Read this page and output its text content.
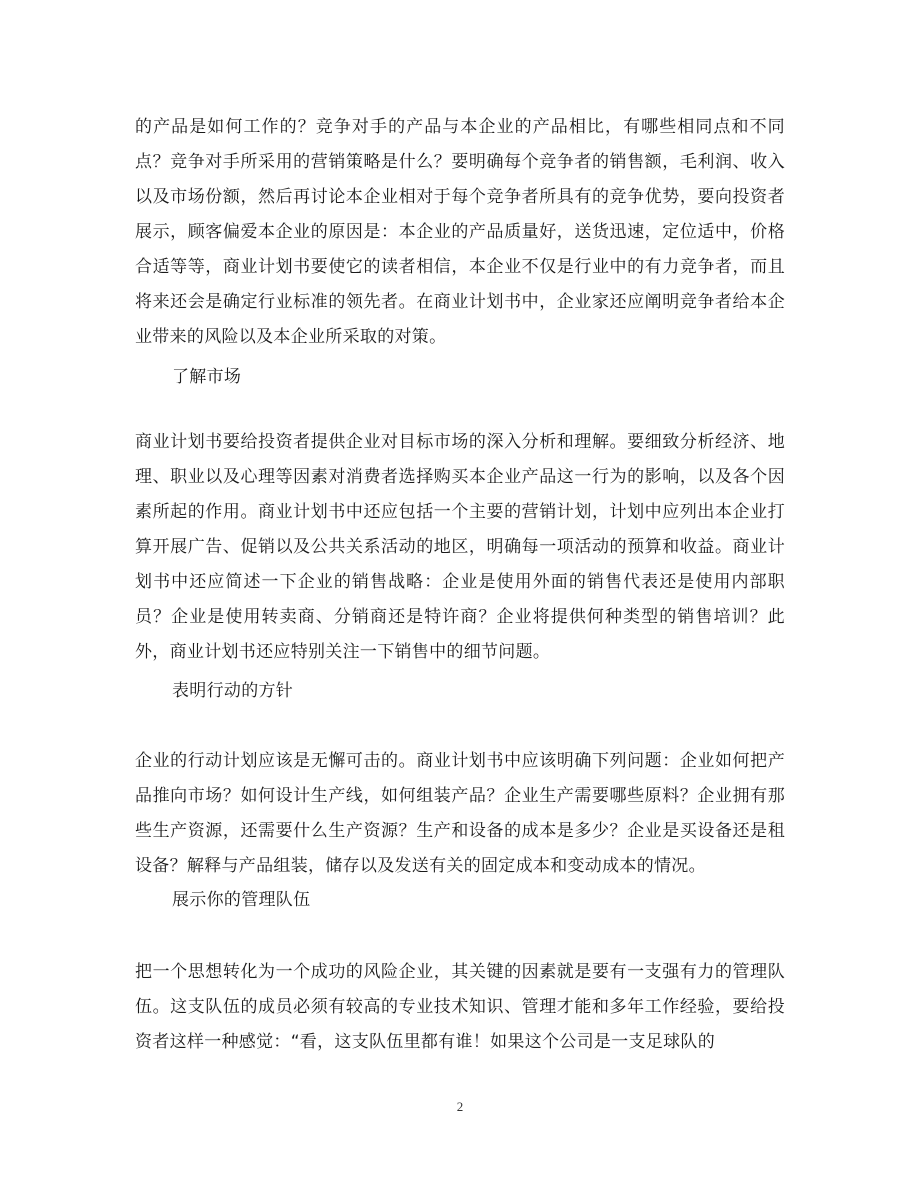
的产品是如何工作的？竞争对手的产品与本企业的产品相比，有哪些相同点和不同点？竞争对手所采用的营销策略是什么？要明确每个竞争者的销售额，毛利润、收入以及市场份额，然后再讨论本企业相对于每个竞争者所具有的竞争优势，要向投资者展示，顾客偏爱本企业的原因是：本企业的产品质量好，送货迅速，定位适中，价格合适等等，商业计划书要使它的读者相信，本企业不仅是行业中的有力竞争者，而且将来还会是确定行业标准的领先者。在商业计划书中，企业家还应阐明竞争者给本企业带来的风险以及本企业所采取的对策。
了解市场
商业计划书要给投资者提供企业对目标市场的深入分析和理解。要细致分析经济、地理、职业以及心理等因素对消费者选择购买本企业产品这一行为的影响，以及各个因素所起的作用。商业计划书中还应包括一个主要的营销计划，计划中应列出本企业打算开展广告、促销以及公共关系活动的地区，明确每一项活动的预算和收益。商业计划书中还应简述一下企业的销售战略：企业是使用外面的销售代表还是使用内部职员？企业是使用转卖商、分销商还是特许商？企业将提供何种类型的销售培训？此外，商业计划书还应特别关注一下销售中的细节问题。
表明行动的方针
企业的行动计划应该是无懈可击的。商业计划书中应该明确下列问题：企业如何把产品推向市场？如何设计生产线，如何组装产品？企业生产需要哪些原料？企业拥有那些生产资源，还需要什么生产资源？生产和设备的成本是多少？企业是买设备还是租设备？解释与产品组装，储存以及发送有关的固定成本和变动成本的情况。
展示你的管理队伍
把一个思想转化为一个成功的风险企业，其关键的因素就是要有一支强有力的管理队伍。这支队伍的成员必须有较高的专业技术知识、管理才能和多年工作经验，要给投资者这样一种感觉：“看，这支队伍里都有谁！如果这个公司是一支足球队的
2
